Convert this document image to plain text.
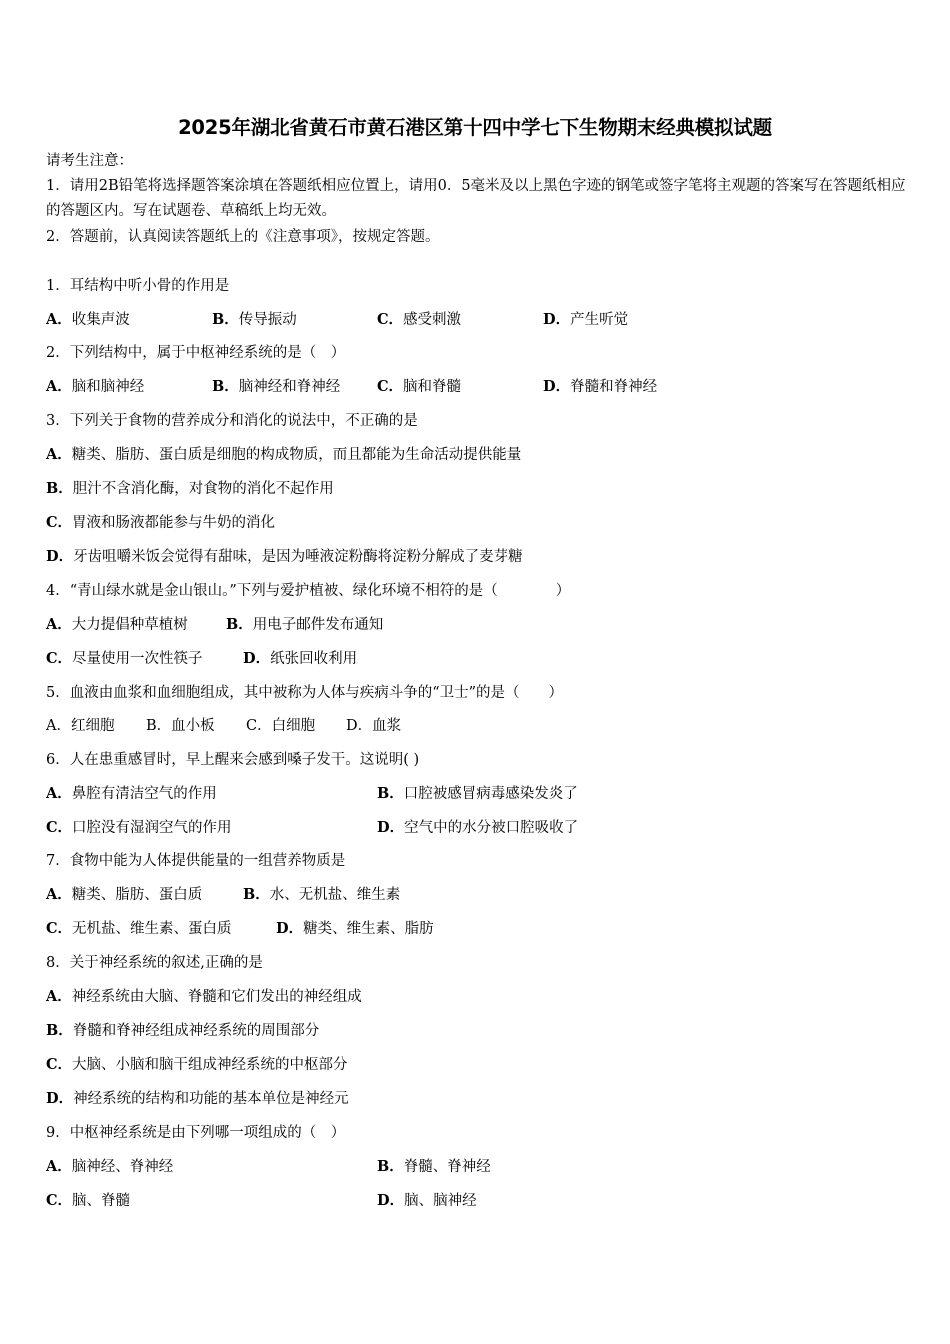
2025年湖北省黄石市黄石港区第十四中学七下生物期末经典模拟试题
请考生注意：
1．请用2B铅笔将选择题答案涂填在答题纸相应位置上，请用0．5毫米及以上黑色字迹的钢笔或签字笔将主观题的答案写在答题纸相应的答题区内。写在试题卷、草稿纸上均无效。
2．答题前，认真阅读答题纸上的《注意事项》，按规定答题。
1．耳结构中听小骨的作用是
A．收集声波	B．传导振动	C．感受刺激	D．产生听觉
2．下列结构中，属于中枢神经系统的是（　）
A．脑和脑神经	B．脑神经和脊神经	C．脑和脊髓	D．脊髓和脊神经
3．下列关于食物的营养成分和消化的说法中，不正确的是
A．糖类、脂肪、蛋白质是细胞的构成物质，而且都能为生命活动提供能量
B．胆汁不含消化酶，对食物的消化不起作用
C．胃液和肠液都能参与牛奶的消化
D．牙齿咀嚼米饭会觉得有甜味，是因为唾液淀粉酶将淀粉分解成了麦芽糖
4．“青山绿水就是金山银山。”下列与爱护植被、绿化环境不相符的是（　　　　）
A．大力提倡种草植树	B．用电子邮件发布通知
C．尽量使用一次性筷子	D．纸张回收利用
5．血液由血浆和血细胞组成，其中被称为人体与疾病斗争的“卫士”的是（　　）
A．红细胞 B．血小板 C．白细胞 D．血浆
6．人在患重感冒时，早上醒来会感到嗓子发干。这说明( )
A．鼻腔有清洁空气的作用	B．口腔被感冒病毒感染发炎了
C．口腔没有湿润空气的作用	D．空气中的水分被口腔吸收了
7．食物中能为人体提供能量的一组营养物质是
A．糖类、脂肪、蛋白质	B．水、无机盐、维生素
C．无机盐、维生素、蛋白质	D．糖类、维生素、脂肪
8．关于神经系统的叙述,正确的是
A．神经系统由大脑、脊髓和它们发出的神经组成
B．脊髓和脊神经组成神经系统的周围部分
C．大脑、小脑和脑干组成神经系统的中枢部分
D．神经系统的结构和功能的基本单位是神经元
9．中枢神经系统是由下列哪一项组成的（　）
A．脑神经、脊神经	B．脊髓、脊神经
C．脑、脊髓	D．脑、脑神经
